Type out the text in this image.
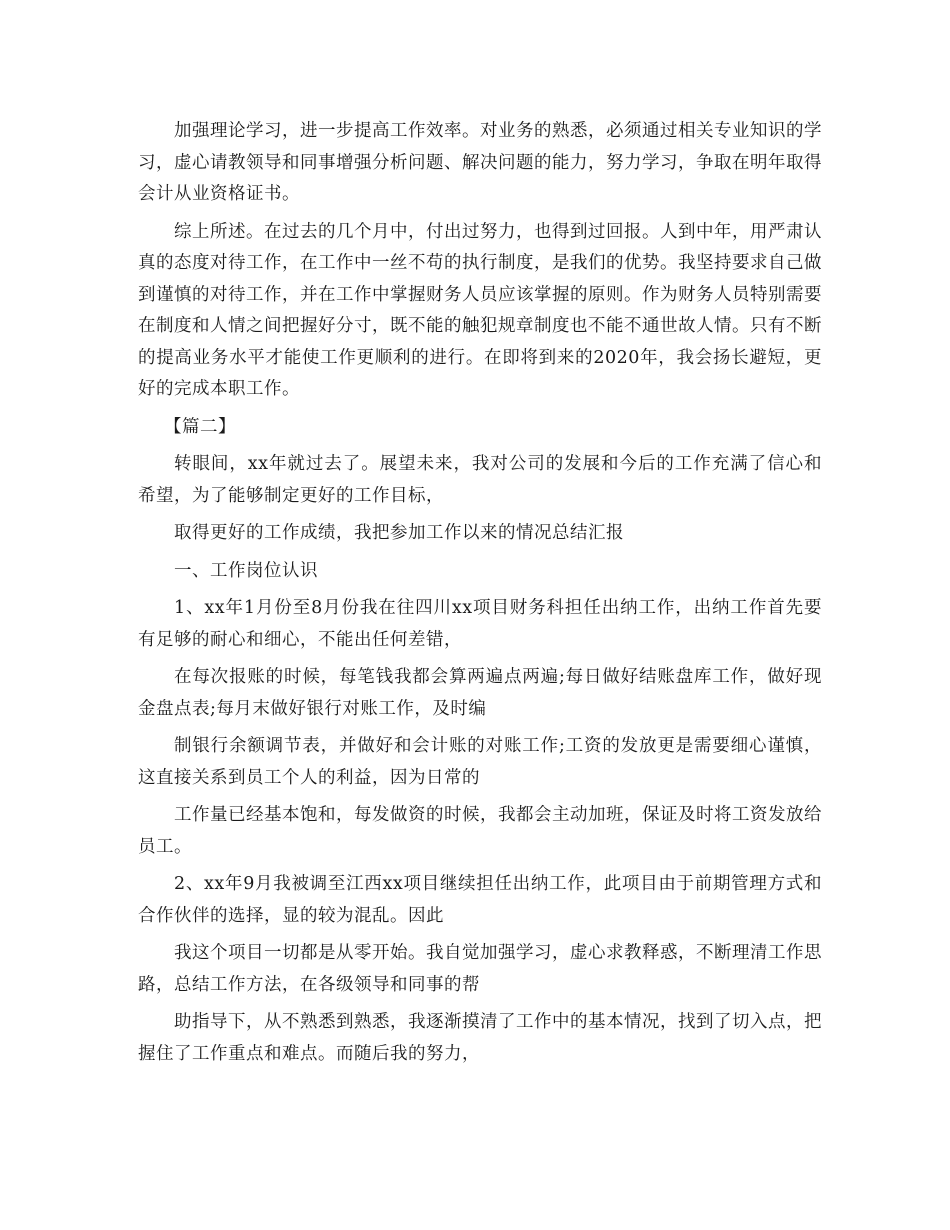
加强理论学习，进一步提高工作效率。对业务的熟悉，必须通过相关专业知识的学习，虚心请教领导和同事增强分析问题、解决问题的能力，努力学习，争取在明年取得会计从业资格证书。

综上所述。在过去的几个月中，付出过努力，也得到过回报。人到中年，用严肃认真的态度对待工作，在工作中一丝不苟的执行制度，是我们的优势。我坚持要求自己做到谨慎的对待工作，并在工作中掌握财务人员应该掌握的原则。作为财务人员特别需要在制度和人情之间把握好分寸，既不能的触犯规章制度也不能不通世故人情。只有不断的提高业务水平才能使工作更顺利的进行。在即将到来的2020年，我会扬长避短，更好的完成本职工作。

【篇二】

转眼间，xx年就过去了。展望未来，我对公司的发展和今后的工作充满了信心和希望，为了能够制定更好的工作目标，

取得更好的工作成绩，我把参加工作以来的情况总结汇报

一、工作岗位认识

1、xx年1月份至8月份我在往四川xx项目财务科担任出纳工作，出纳工作首先要有足够的耐心和细心，不能出任何差错，

在每次报账的时候，每笔钱我都会算两遍点两遍;每日做好结账盘库工作，做好现金盘点表;每月末做好银行对账工作，及时编

制银行余额调节表，并做好和会计账的对账工作;工资的发放更是需要细心谨慎，这直接关系到员工个人的利益，因为日常的

工作量已经基本饱和，每发做资的时候，我都会主动加班，保证及时将工资发放给员工。

2、xx年9月我被调至江西xx项目继续担任出纳工作，此项目由于前期管理方式和合作伙伴的选择，显的较为混乱。因此

我这个项目一切都是从零开始。我自觉加强学习，虚心求教释惑，不断理清工作思路，总结工作方法，在各级领导和同事的帮

助指导下，从不熟悉到熟悉，我逐渐摸清了工作中的基本情况，找到了切入点，把握住了工作重点和难点。而随后我的努力，
